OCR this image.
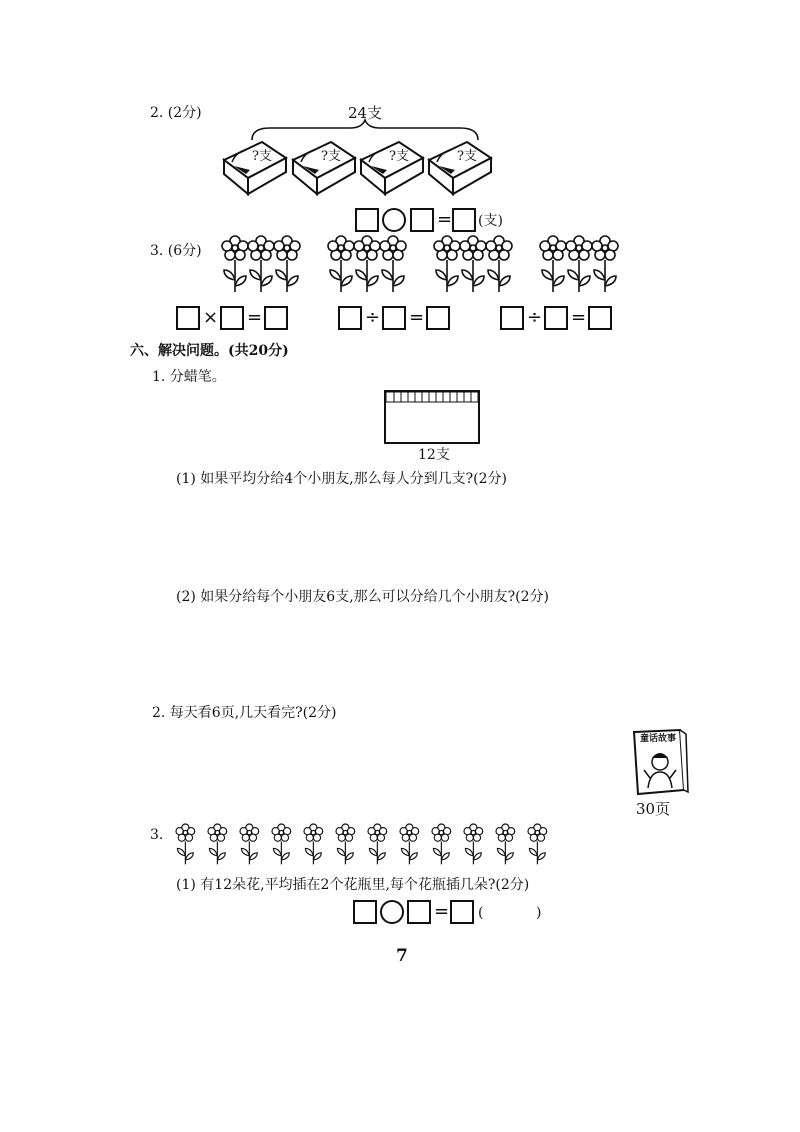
2. (2分)	24支
?支	?支	?支	?支
= (支)
3. (6分)
× =	÷ =	÷ =
六、解决问题。(共20分)
1. 分蜡笔。
12支
(1) 如果平均分给4个小朋友,那么每人分到几支?(2分)
(2) 如果分给每个小朋友6支,那么可以分给几个小朋友?(2分)
2. 每天看6页,几天看完?(2分)
童话故事
30页
3.
(1) 有12朵花,平均插在2个花瓶里,每个花瓶插几朵?(2分)
= (	)
7
